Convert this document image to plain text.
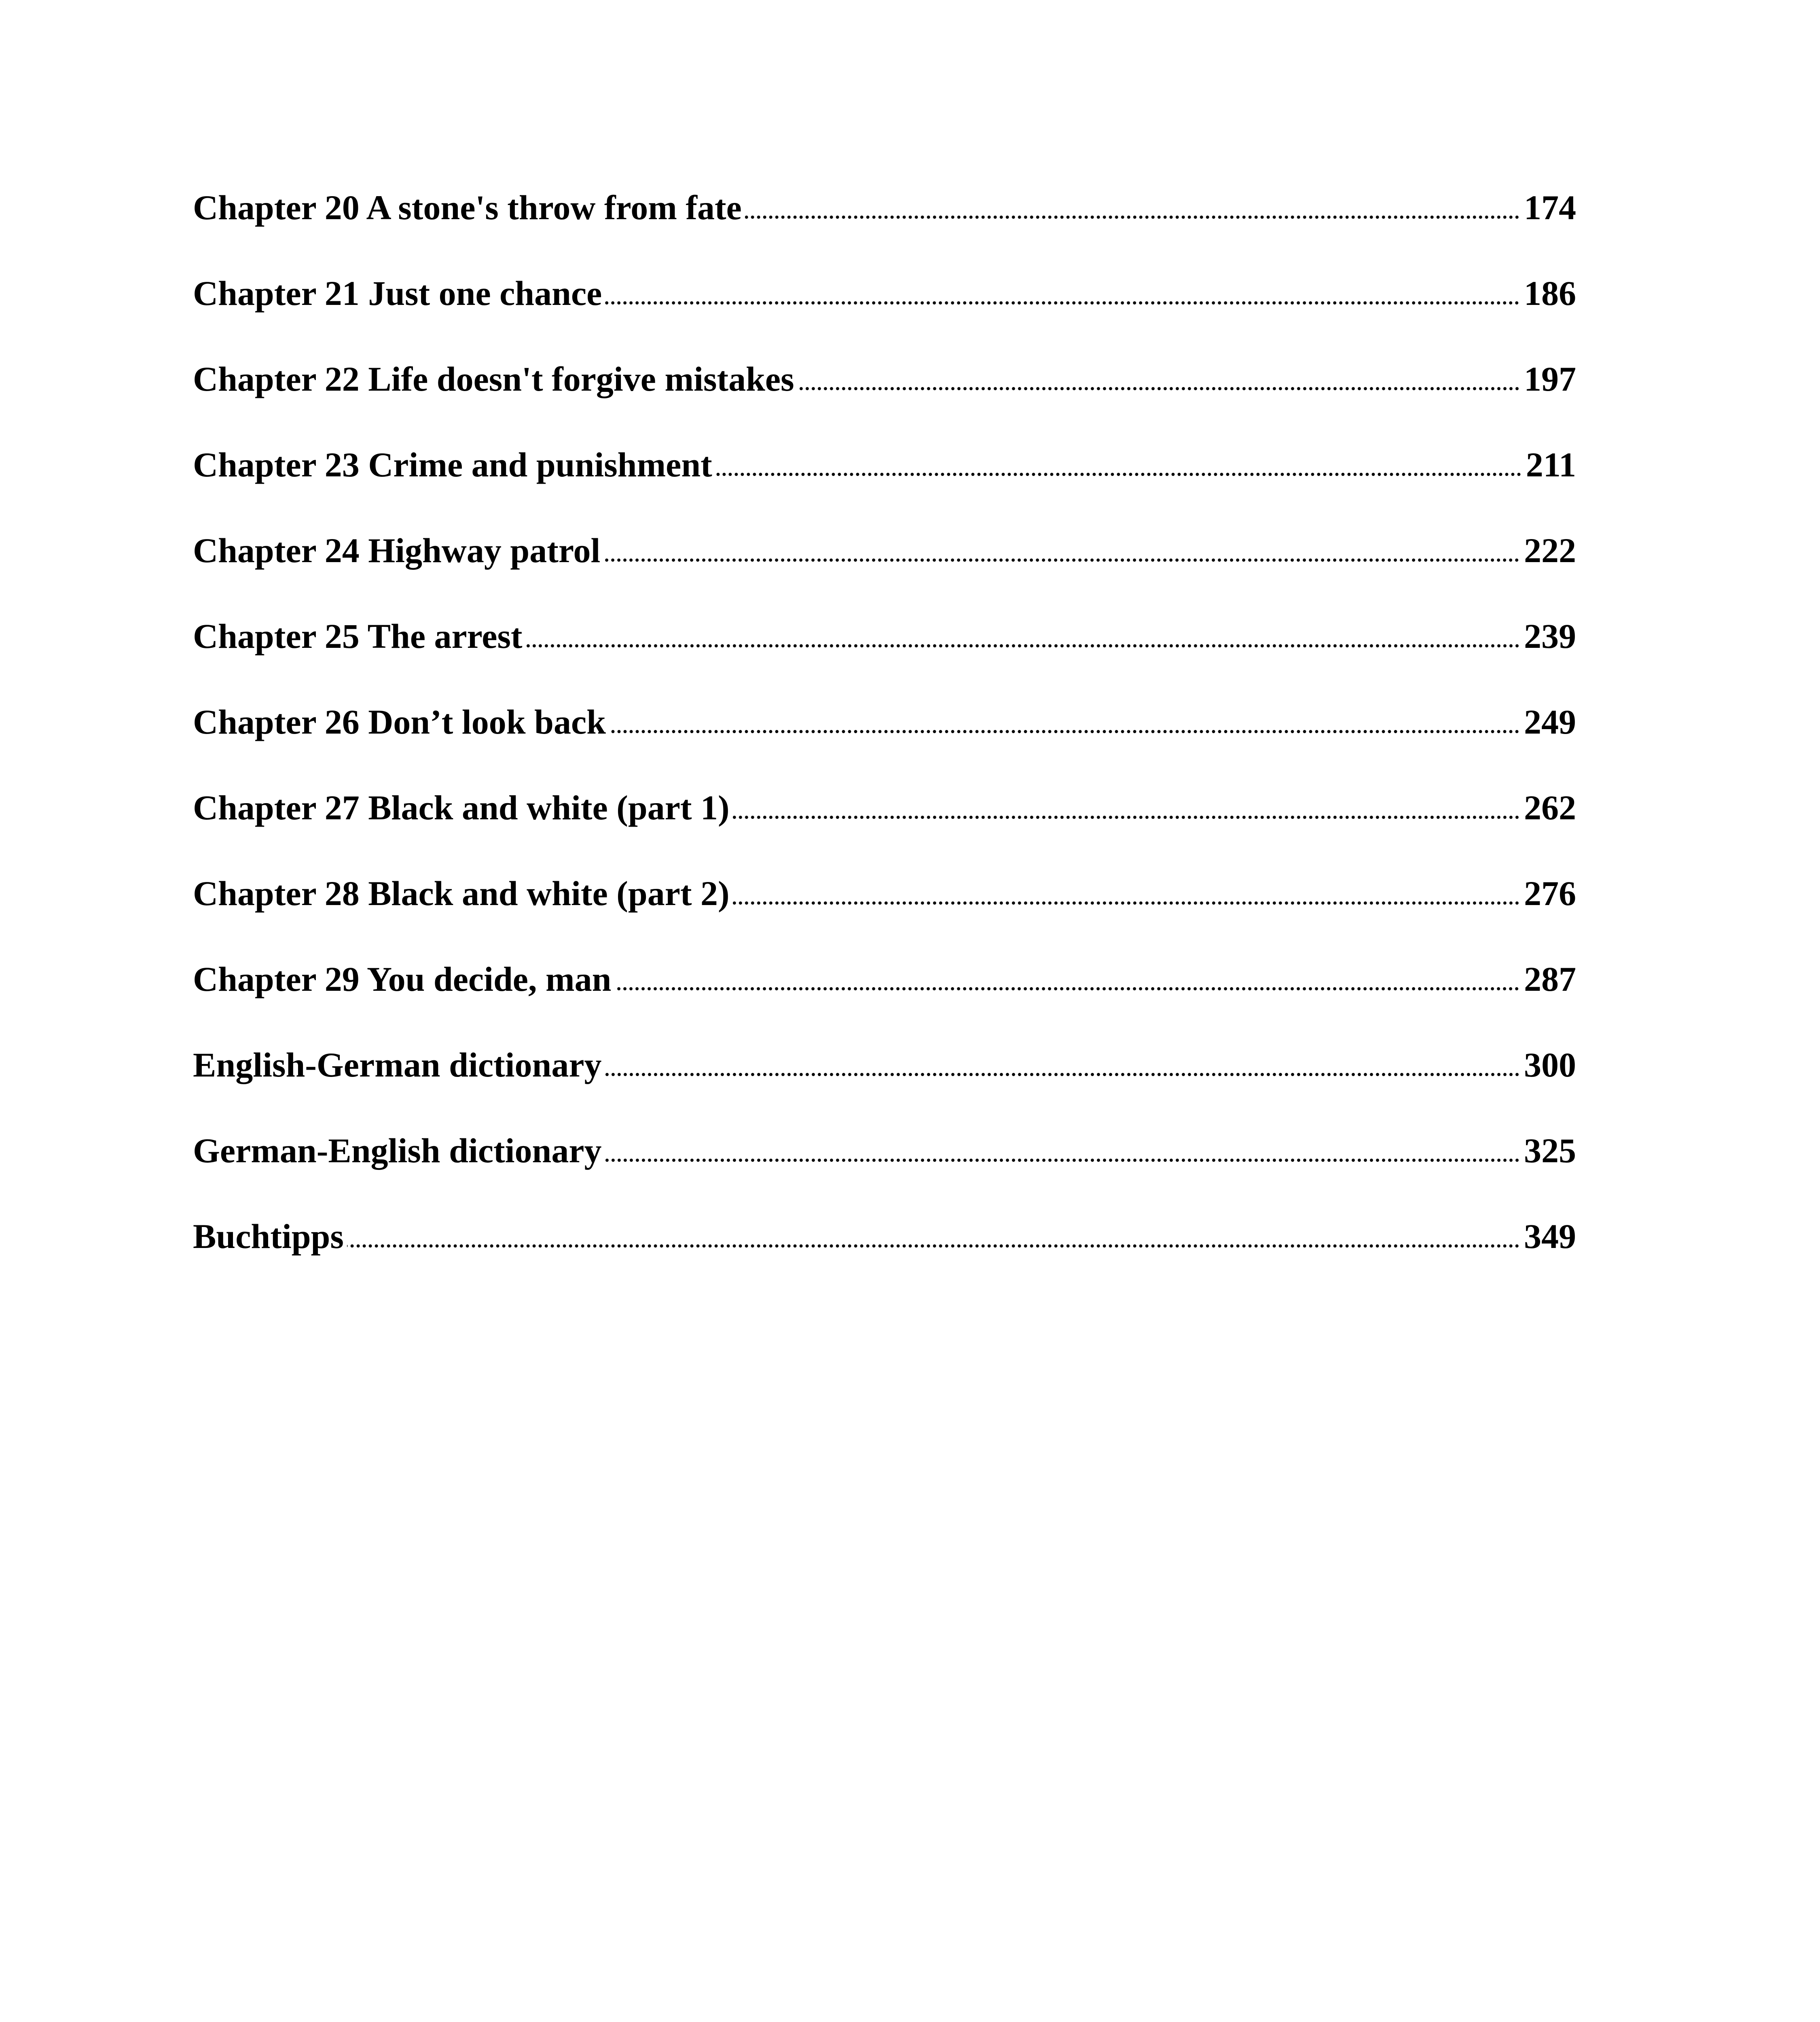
Chapter 20 A stone's throw from fate	174
Chapter 21 Just one chance	186
Chapter 22 Life doesn't forgive mistakes	197
Chapter 23 Crime and punishment	211
Chapter 24 Highway patrol	222
Chapter 25 The arrest	239
Chapter 26 Don’t look back	249
Chapter 27 Black and white (part 1)	262
Chapter 28 Black and white (part 2)	276
Chapter 29 You decide, man	287
English-German dictionary	300
German-English dictionary	325
Buchtipps	349
